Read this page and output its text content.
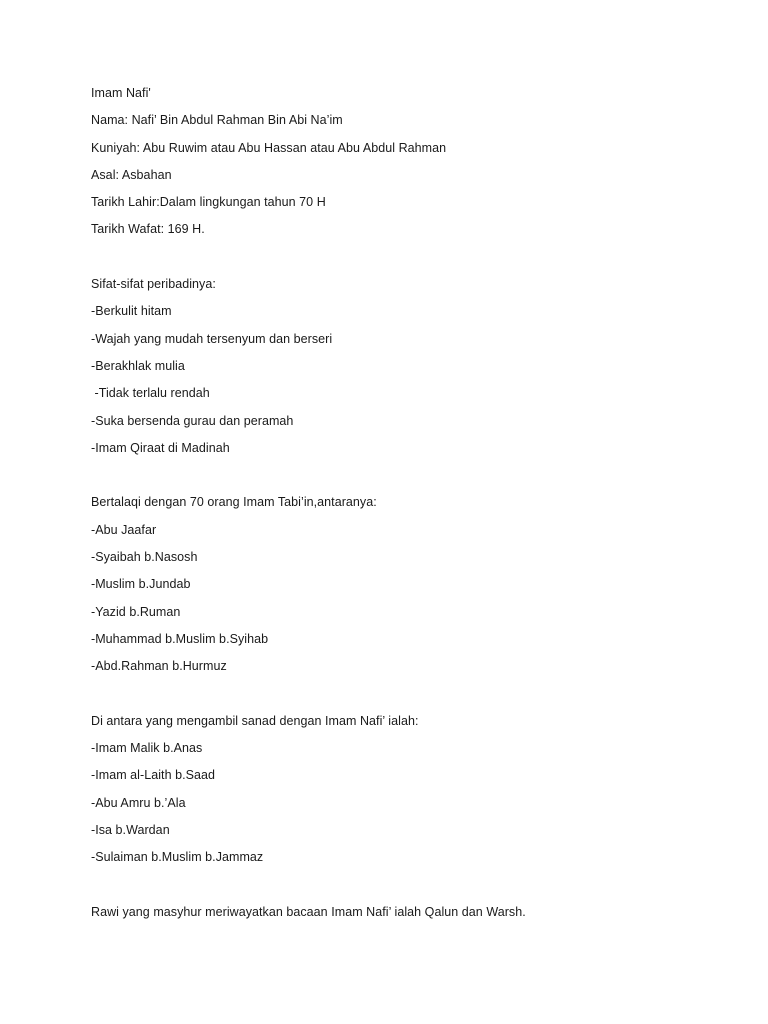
Imam Nafi'
Nama: Nafi’ Bin Abdul Rahman Bin Abi Na’im
Kuniyah: Abu Ruwim atau Abu Hassan atau Abu Abdul Rahman
Asal: Asbahan
Tarikh Lahir:Dalam lingkungan tahun 70 H
Tarikh Wafat: 169 H.
Sifat-sifat peribadinya:
-Berkulit hitam
-Wajah yang mudah tersenyum dan berseri
-Berakhlak mulia
-Tidak terlalu rendah
-Suka bersenda gurau dan peramah
-Imam Qiraat di Madinah
Bertalaqi dengan 70 orang Imam Tabi’in,antaranya:
-Abu Jaafar
-Syaibah b.Nasosh
-Muslim b.Jundab
-Yazid b.Ruman
-Muhammad b.Muslim b.Syihab
-Abd.Rahman b.Hurmuz
Di antara yang mengambil sanad dengan Imam Nafi’ ialah:
-Imam Malik b.Anas
-Imam al-Laith b.Saad
-Abu Amru b.’Ala
-Isa b.Wardan
-Sulaiman b.Muslim b.Jammaz
Rawi yang masyhur meriwayatkan bacaan Imam Nafi’ ialah Qalun dan Warsh.
